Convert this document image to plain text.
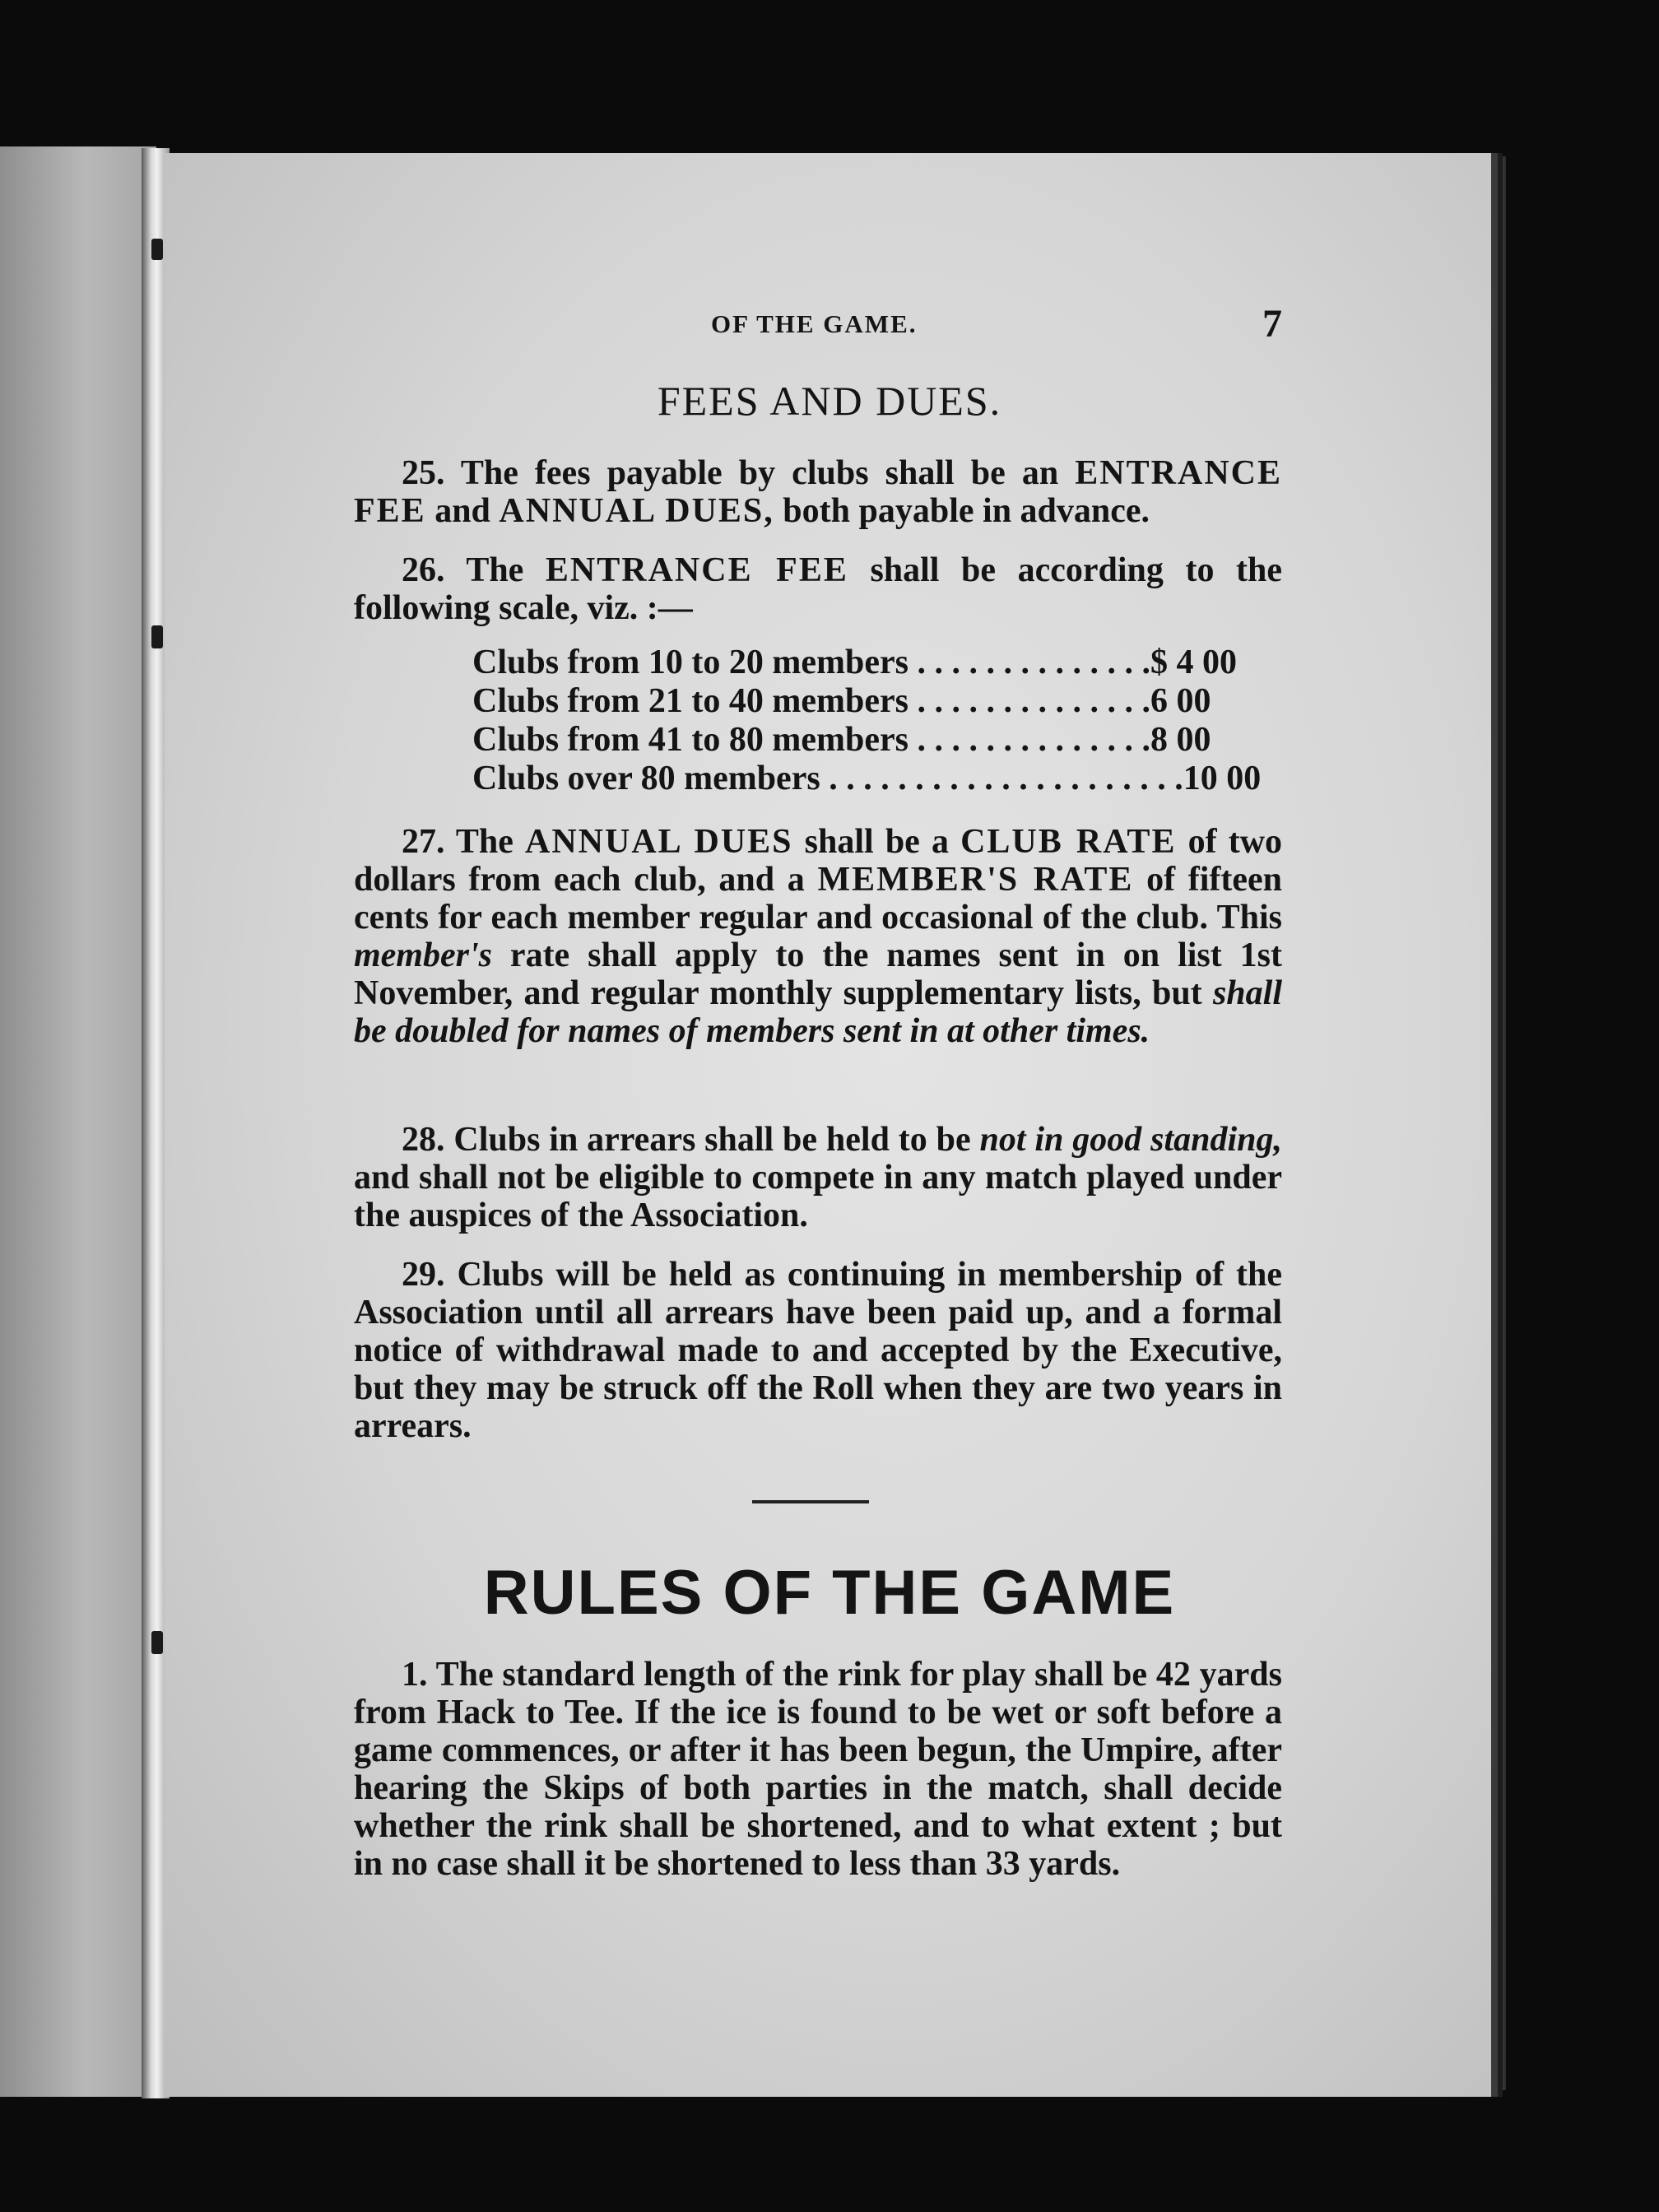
OF THE GAME.	7
FEES AND DUES.
25. The fees payable by clubs shall be an ENTRANCE FEE and ANNUAL DUES, both payable in advance.
26. The ENTRANCE FEE shall be according to the following scale, viz. :—
Clubs from 10 to 20 members . . . . . . . . . . . . . . $ 4 00
Clubs from 21 to 40 members . . . . . . . . . . . . . . 6 00
Clubs from 41 to 80 members . . . . . . . . . . . . . . 8 00
Clubs over 80 members . . . . . . . . . . . . . . . . . . . . . 10 00
27. The ANNUAL DUES shall be a CLUB RATE of two dollars from each club, and a MEMBER'S RATE of fifteen cents for each member regular and occasional of the club. This member's rate shall apply to the names sent in on list 1st November, and regular monthly supplementary lists, but shall be doubled for names of members sent in at other times.
28. Clubs in arrears shall be held to be not in good standing, and shall not be eligible to compete in any match played under the auspices of the Association.
29. Clubs will be held as continuing in membership of the Association until all arrears have been paid up, and a formal notice of withdrawal made to and accepted by the Executive, but they may be struck off the Roll when they are two years in arrears.
RULES OF THE GAME
1. The standard length of the rink for play shall be 42 yards from Hack to Tee. If the ice is found to be wet or soft before a game commences, or after it has been begun, the Umpire, after hearing the Skips of both parties in the match, shall decide whether the rink shall be shortened, and to what extent ; but in no case shall it be shortened to less than 33 yards.
